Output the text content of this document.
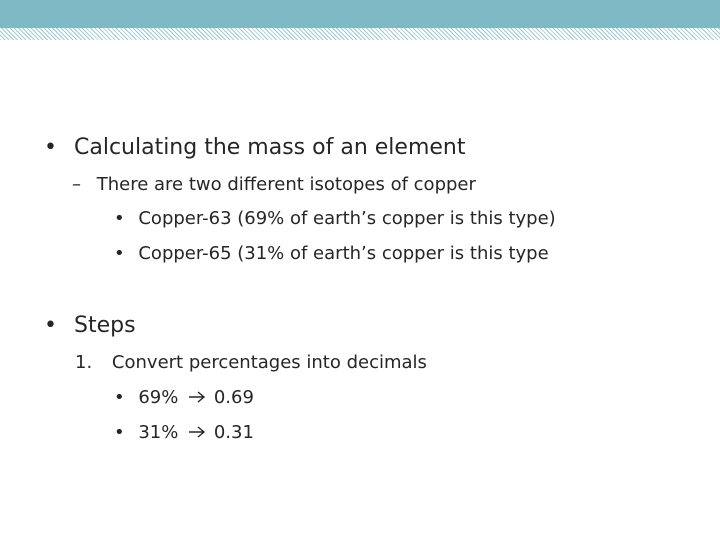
• Calculating the mass of an element
– There are two different isotopes of copper
• Copper-63 (69% of earth’s copper is this type)
• Copper-65 (31% of earth’s copper is this type
• Steps
1. Convert percentages into decimals
• 69% 0.69
• 31% 0.31
